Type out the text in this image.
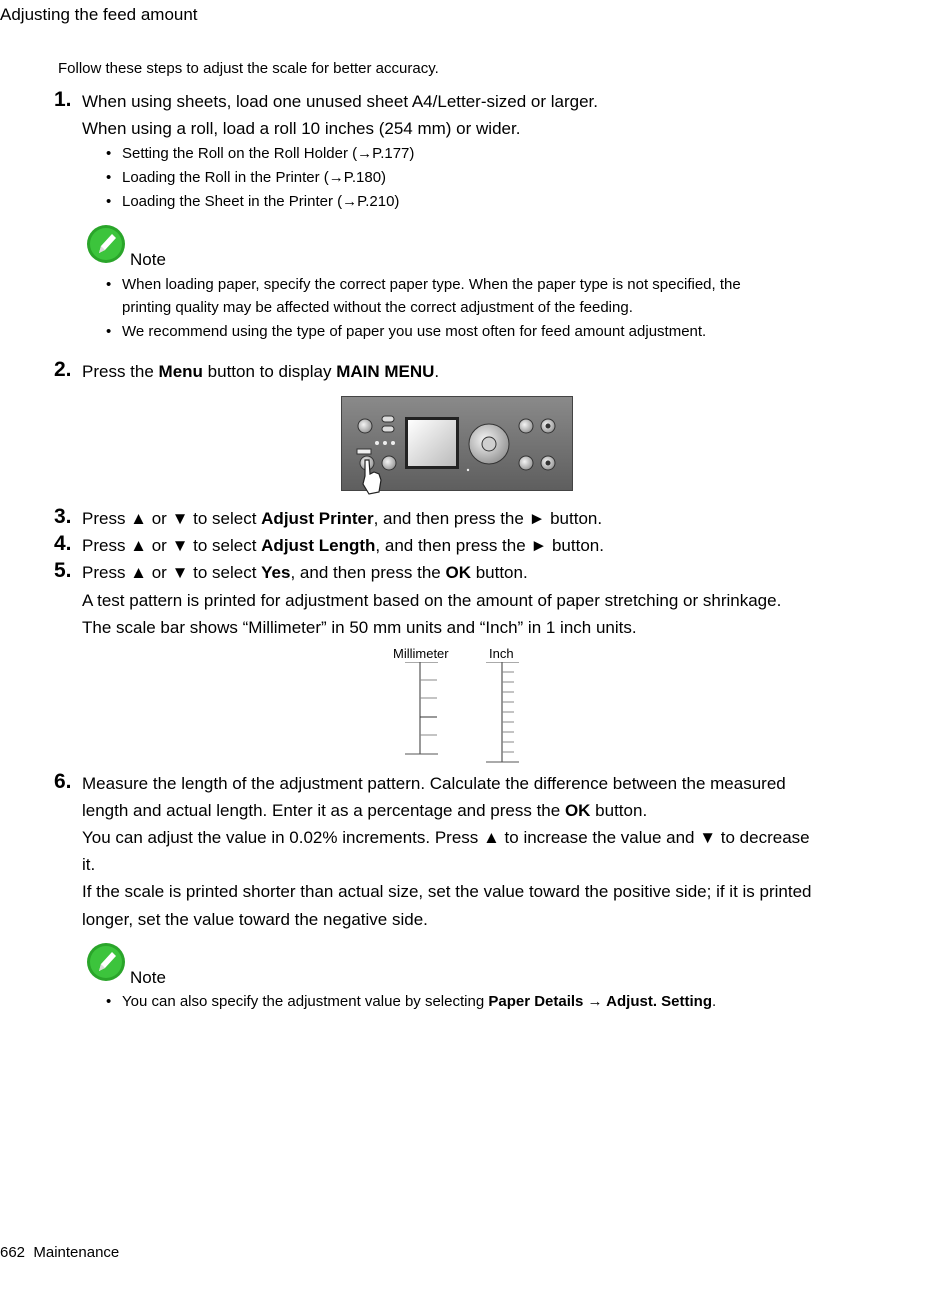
Adjusting the feed amount
Follow these steps to adjust the scale for better accuracy.
1. When using sheets, load one unused sheet A4/Letter-sized or larger.
When using a roll, load a roll 10 inches (254 mm) or wider.
• Setting the Roll on the Roll Holder (→P.177)
• Loading the Roll in the Printer (→P.180)
• Loading the Sheet in the Printer (→P.210)
Note
• When loading paper, specify the correct paper type. When the paper type is not specified, the
printing quality may be affected without the correct adjustment of the feeding.
• We recommend using the type of paper you use most often for feed amount adjustment.
2. Press the Menu button to display MAIN MENU.
3. Press ▲ or ▼ to select Adjust Printer, and then press the ► button.
4. Press ▲ or ▼ to select Adjust Length, and then press the ► button.
5. Press ▲ or ▼ to select Yes, and then press the OK button.
A test pattern is printed for adjustment based on the amount of paper stretching or shrinkage.
The scale bar shows “Millimeter” in 50 mm units and “Inch” in 1 inch units.
Millimeter	Inch
6. Measure the length of the adjustment pattern. Calculate the difference between the measured
length and actual length. Enter it as a percentage and press the OK button.
You can adjust the value in 0.02% increments. Press ▲ to increase the value and ▼ to decrease
it.
If the scale is printed shorter than actual size, set the value toward the positive side; if it is printed
longer, set the value toward the negative side.
Note
• You can also specify the adjustment value by selecting Paper Details → Adjust. Setting.
662 Maintenance
